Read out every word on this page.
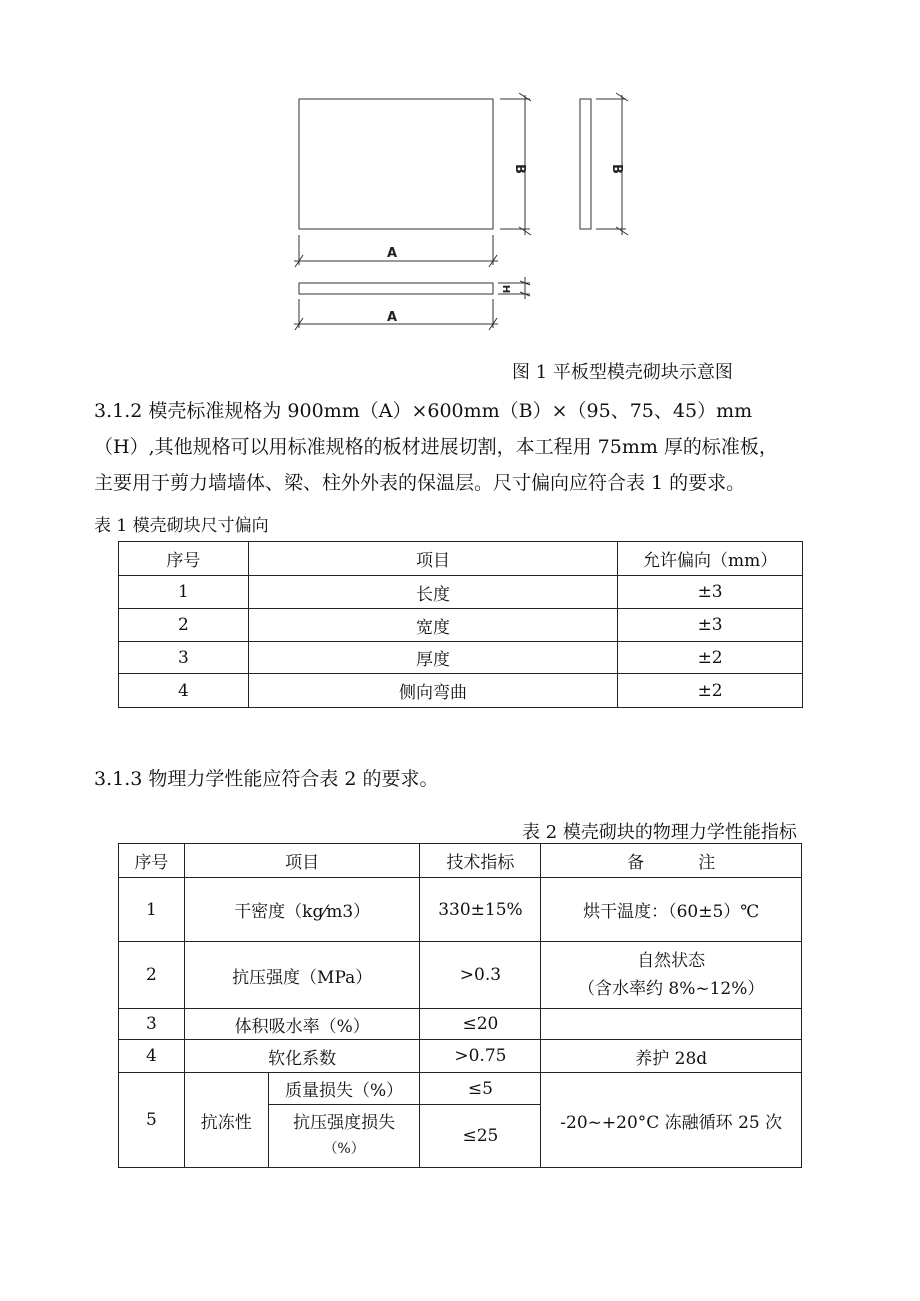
B	B
A
H
A
图 1 平板型模壳砌块示意图
3.1.2 模壳标准规格为 900mm（A）×600mm（B）×（95、75、45）mm
（H）,其他规格可以用标准规格的板材进展切割，本工程用 75mm 厚的标准板，
主要用于剪力墙墙体、梁、柱外外表的保温层。尺寸偏向应符合表 1 的要求。
表 1 模壳砌块尺寸偏向
序号	项目	允许偏向（mm）
1	长度	±3
2	宽度	±3
3	厚度	±2
4	侧向弯曲	±2
3.1.3 物理力学性能应符合表 2 的要求。
表 2 模壳砌块的物理力学性能指标
序号	项目		技术指标	备          注
1	干密度（kg⁄m3）		330±15%	烘干温度：（60±5）℃
2	抗压强度（MPa）		>0.3	自然状态
（含水率约 8%~12%）

3	体积吸水率（%）		≤20	
4	软化系数		>0.75	养护 28d
5	抗冻性	质量损失（%）	≤5	-20~+20°C 冻融循环 25 次

		抗压强度损失
（%）	≤25	
